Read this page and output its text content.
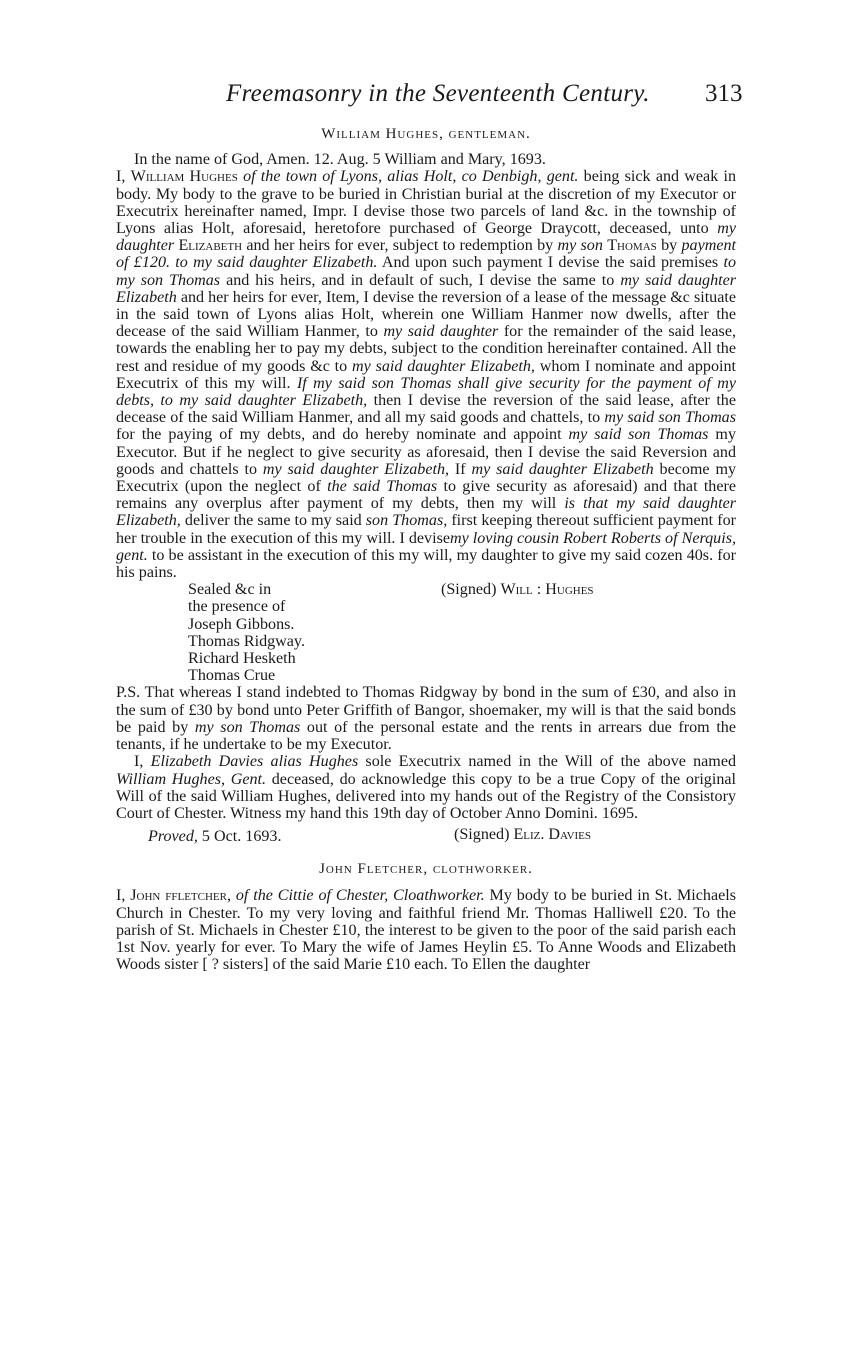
Freemasonry in the Seventeenth Century. 313

William Hughes, gentleman.

In the name of God, Amen. 12. Aug. 5 William and Mary, 1693.

I, William Hughes of the town of Lyons, alias Holt, co Denbigh, gent. being sick and weak in body. My body to the grave to be buried in Christian burial at the discretion of my Executor or Executrix hereinafter named, Impr. I devise those two parcels of land &c. in the township of Lyons alias Holt, aforesaid, heretofore purchased of George Draycott, deceased, unto my daughter Elizabeth and her heirs for ever, subject to redemption by my son Thomas by payment of £120. to my said daughter Elizabeth. And upon such payment I devise the said premises to my son Thomas and his heirs, and in default of such, I devise the same to my said daughter Elizabeth and her heirs for ever, Item, I devise the reversion of a lease of the message &c situate in the said town of Lyons alias Holt, wherein one William Hanmer now dwells, after the decease of the said William Hanmer, to my said daughter for the remainder of the said lease, towards the enabling her to pay my debts, subject to the condition hereinafter contained. All the rest and residue of my goods &c to my said daughter Elizabeth, whom I nominate and appoint Executrix of this my will. If my said son Thomas shall give security for the payment of my debts, to my said daughter Elizabeth, then I devise the reversion of the said lease, after the decease of the said William Hanmer, and all my said goods and chattels, to my said son Thomas for the paying of my debts, and do hereby nominate and appoint my said son Thomas my Executor. But if he neglect to give security as aforesaid, then I devise the said Reversion and goods and chattels to my said daughter Elizabeth, If my said daughter Elizabeth become my Executrix (upon the neglect of the said Thomas to give security as aforesaid) and that there remains any overplus after payment of my debts, then my will is that my said daughter Elizabeth, deliver the same to my said son Thomas, first keeping thereout sufficient payment for her trouble in the execution of this my will. I devisemy loving cousin Robert Roberts of Nerquis, gent. to be assistant in the execution of this my will, my daughter to give my said cozen 40s. for his pains.

Sealed &c in	(Signed) Will : Hughes
the presence of
Joseph Gibbons.
Thomas Ridgway.
Richard Hesketh
Thomas Crue

P.S. That whereas I stand indebted to Thomas Ridgway by bond in the sum of £30, and also in the sum of £30 by bond unto Peter Griffith of Bangor, shoemaker, my will is that the said bonds be paid by my son Thomas out of the personal estate and the rents in arrears due from the tenants, if he undertake to be my Executor.

I, Elizabeth Davies alias Hughes sole Executrix named in the Will of the above named William Hughes, Gent. deceased, do acknowledge this copy to be a true Copy of the original Will of the said William Hughes, delivered into my hands out of the Registry of the Consistory Court of Chester. Witness my hand this 19th day of October Anno Domini. 1695.

Proved, 5 Oct. 1693.	(Signed) Eliz. Davies

John Fletcher, clothworker.

I, John ffletcher, of the Cittie of Chester, Cloathworker. My body to be buried in St. Michaels Church in Chester. To my very loving and faithful friend Mr. Thomas Halliwell £20. To the parish of St. Michaels in Chester £10, the interest to be given to the poor of the said parish each 1st Nov. yearly for ever. To Mary the wife of James Heylin £5. To Anne Woods and Elizabeth Woods sister [ ? sisters] of the said Marie £10 each. To Ellen the daughter
